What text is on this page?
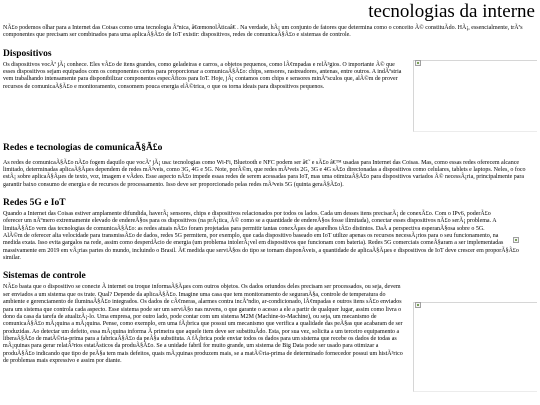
tecnologias da interne

NÃ£o podemos olhar para a Internet das Coisas como uma tecnologia Ãºnica, â€œmonolÃticaâ€ . Na verdade, hÃ¡ um conjunto de fatores que determina como o conceito Ã© constituÃdo. HÃ¡, essencialmente, trÃªs componentes que precisam ser combinados para uma aplicaÃ§Ã£o de IoT existir: dispositivos, redes de comunicaÃ§Ã£o e sistemas de controle.

Dispositivos

Os dispositivos vocÃª jÃ¡ conhece. Eles vÃ£o de itens grandes, como geladeiras e carros, a objetos pequenos, como lÃ¢mpadas e relÃ³gios. O importante Ã© que esses dispositivos sejam equipados com os componentes certos para proporcionar a comunicaÃ§Ã£o: chips, sensores, rastreadores, antenas, entre outros. A indÃºstria vem trabalhando intensamente para disponibilizar componentes especÃficos para IoT. Hoje, jÃ¡ contamos com chips e sensores minÃºsculos que, alÃ©m de prover recursos de comunicaÃ§Ã£o e monitoramento, consomem pouca energia elÃ©trica, o que os torna ideais para dispositivos pequenos.

Redes e tecnologias de comunicaÃ§Ã£o

As redes de comunicaÃ§Ã£o nÃ£o fogem daquilo que vocÃª jÃ¡ usa: tecnologias como Wi-Fi, Bluetooth e NFC podem ser â€˜ e sÃ£o â€™ usadas para Internet das Coisas. Mas, como essas redes oferecem alcance limitado, determinadas aplicaÃ§Ãµes dependem de redes mÃ³veis, como 3G, 4G e 5G. Note, porÃ©m, que redes mÃ³veis 2G, 3G e 4G sÃ£o direcionadas a dispositivos como celulares, tablets e laptops. Neles, o foco estÃ¡ sobre aplicaÃ§Ãµes de texto, voz, imagem e vÃdeo. Esse aspecto nÃ£o impede essas redes de serem acessadas para IoT, mas uma otimizaÃ§Ã£o para dispositivos variados Ã© necessÃ¡ria, principalmente para garantir baixo consumo de energia e de recursos de processamento. Isso deve ser proporcionado pelas redes mÃ³veis 5G (quinta geraÃ§Ã£o).

Redes 5G e IoT

Quando a Internet das Coisas estiver amplamente difundida, haverÃ¡ sensores, chips e dispositivos relacionados por todos os lados. Cada um desses itens precisarÃ¡ de conexÃ£o. Com o IPv6, poderÃ£o oferecer um nÃºmero extremamente elevado de endereÃ§os para os dispositivos (na prÃ¡tica, Ã© como se a quantidade de endereÃ§os fosse ilimitada), conectar esses dispositivos nÃ£o serÃ¡ problema. A limitaÃ§Ã£o vem das tecnologias de comunicaÃ§Ã£o: as redes atuais nÃ£o foram projetadas para permitir tantas conexÃµes de aparelhos tÃ£o distintos. DaÃ a perspectiva esperanÃ§osa sobre o 5G. AlÃ©m de oferecer alta velocidade para transmissÃ£o de dados, redes 5G permitem, por exemplo, que cada dispositivo baseado em IoT utilize apenas os recursos necessÃ¡rios para o seu funcionamento, na medida exata. Isso evita gargalos na rede, assim como desperdÃcio de energia (um problema intolerÃ¡vel em dispositivos que funcionam com bateria). Redes 5G comerciais comeÃ§aram a ser implementadas massivamente em 2019 em vÃ¡rias partes do mundo, incluindo o Brasil. Ã€ medida que serviÃ§os do tipo se tornam disponÃveis, a quantidade de aplicaÃ§Ãµes e dispositivos de IoT deve crescer em proporÃ§Ã£o similar.

Sistemas de controle

NÃ£o basta que o dispositivo se conecte Ã internet ou troque informaÃ§Ãµes com outros objetos. Os dados oriundos deles precisam ser processados, ou seja, devem ser enviados a um sistema que os trate. Qual? Depende da aplicaÃ§Ã£o. Imagine uma casa que tem monitoramento de seguranÃ§a, controle de temperatura do ambiente e gerenciamento de iluminaÃ§Ã£o integrados. Os dados de cÃ¢meras, alarmes contra incÃªndio, ar-condicionado, lÃ¢mpadas e outros itens sÃ£o enviados para um sistema que controla cada aspecto. Esse sistema pode ser um serviÃ§o nas nuvens, o que garante o acesso a ele a partir de qualquer lugar, assim como livra o dono da casa da tarefa de atualizÃ¡-lo. Uma empresa, por outro lado, pode contar com um sistema M2M (Machine-to-Machine), ou seja, um mecanismo de comunicaÃ§Ã£o mÃ¡quina a mÃ¡quina. Pense, como exemplo, em uma fÃ¡brica que possui um mecanismo que verifica a qualidade das peÃ§as que acabaram de ser produzidas. Ao detectar um defeito, essa mÃ¡quina informa Ã primeira que aquele item deve ser substituÃdo. Esta, por sua vez, solicita a um terceiro equipamento a liberaÃ§Ã£o de matÃ©ria-prima para a fabricaÃ§Ã£o da peÃ§a substituta. A fÃ¡brica pode enviar todos os dados para um sistema que recebe os dados de todas as mÃ¡quinas para gerar relatÃ³rios estatÃsticos da produÃ§Ã£o. Se a unidade fabril for muito grande, um sistema de Big Data pode ser usado para otimizar a produÃ§Ã£o indicando que tipo de peÃ§a tem mais defeitos, quais mÃ¡quinas produzem mais, se a matÃ©ria-prima de determinado fornecedor possui um histÃ³rico de problemas mais expressivo e assim por diante.
